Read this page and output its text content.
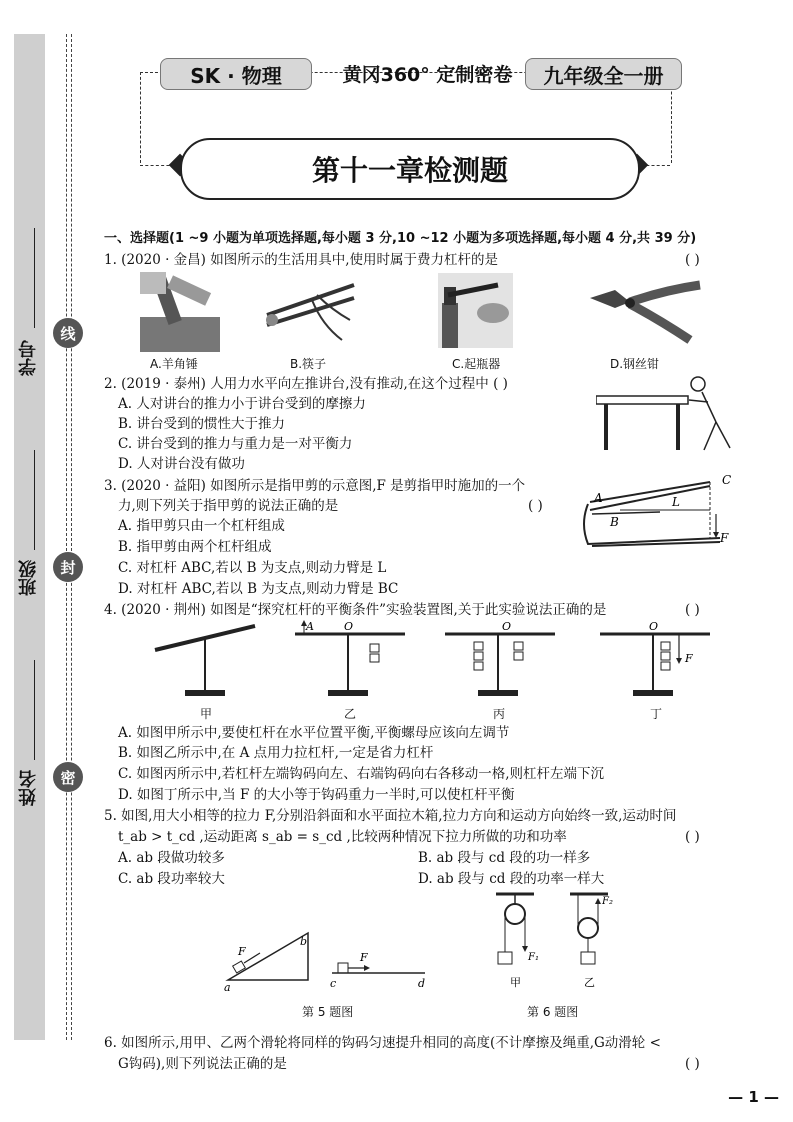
学号
班级
姓名
线
封
密
SK · 物理	黄冈360° 定制密卷	九年级全一册
第十一章检测题
一、选择题(1 ~9 小题为单项选择题,每小题 3 分,10 ~12 小题为多项选择题,每小题 4 分,共 39 分)
1. (2020 · 金昌) 如图所示的生活用具中,使用时属于费力杠杆的是	( )
A.羊角锤	B.筷子	C.起瓶器	D.钢丝钳
2. (2019 · 泰州) 人用力水平向左推讲台,没有推动,在这个过程中 ( )
A. 人对讲台的推力小于讲台受到的摩擦力
B. 讲台受到的惯性大于推力
C. 讲台受到的推力与重力是一对平衡力
D. 人对讲台没有做功
3. (2020 · 益阳) 如图所示是指甲剪的示意图,F 是剪指甲时施加的一个
力,则下列关于指甲剪的说法正确的是	( )
A. 指甲剪只由一个杠杆组成
B. 指甲剪由两个杠杆组成
C. 对杠杆 ABC,若以 B 为支点,则动力臂是 L
D. 对杠杆 ABC,若以 B 为支点,则动力臂是 BC
A
B
C
L
F
4. (2020 · 荆州) 如图是“探究杠杆的平衡条件”实验装置图,关于此实验说法正确的是	( )
A	O	O	O
F
甲	乙	丙	丁
A. 如图甲所示中,要使杠杆在水平位置平衡,平衡螺母应该向左调节
B. 如图乙所示中,在 A 点用力拉杠杆,一定是省力杠杆
C. 如图丙所示中,若杠杆左端钩码向左、右端钩码向右各移动一格,则杠杆左端下沉
D. 如图丁所示中,当 F 的大小等于钩码重力一半时,可以使杠杆平衡
5. 如图,用大小相等的拉力 F,分别沿斜面和水平面拉木箱,拉力方向和运动方向始终一致,运动时间
t_ab > t_cd ,运动距离 s_ab = s_cd ,比较两种情况下拉力所做的功和功率	( )
A. ab 段做功较多	B. ab 段与 cd 段的功一样多
C. ab 段功率较大	D. ab 段与 cd 段的功率一样大
a
b
c	d
F	F
第 5 题图
F₁
F₂
甲	乙
第 6 题图
6. 如图所示,用甲、乙两个滑轮将同样的钩码匀速提升相同的高度(不计摩擦及绳重,G动滑轮 <
G钩码),则下列说法正确的是	( )
— 1 —
